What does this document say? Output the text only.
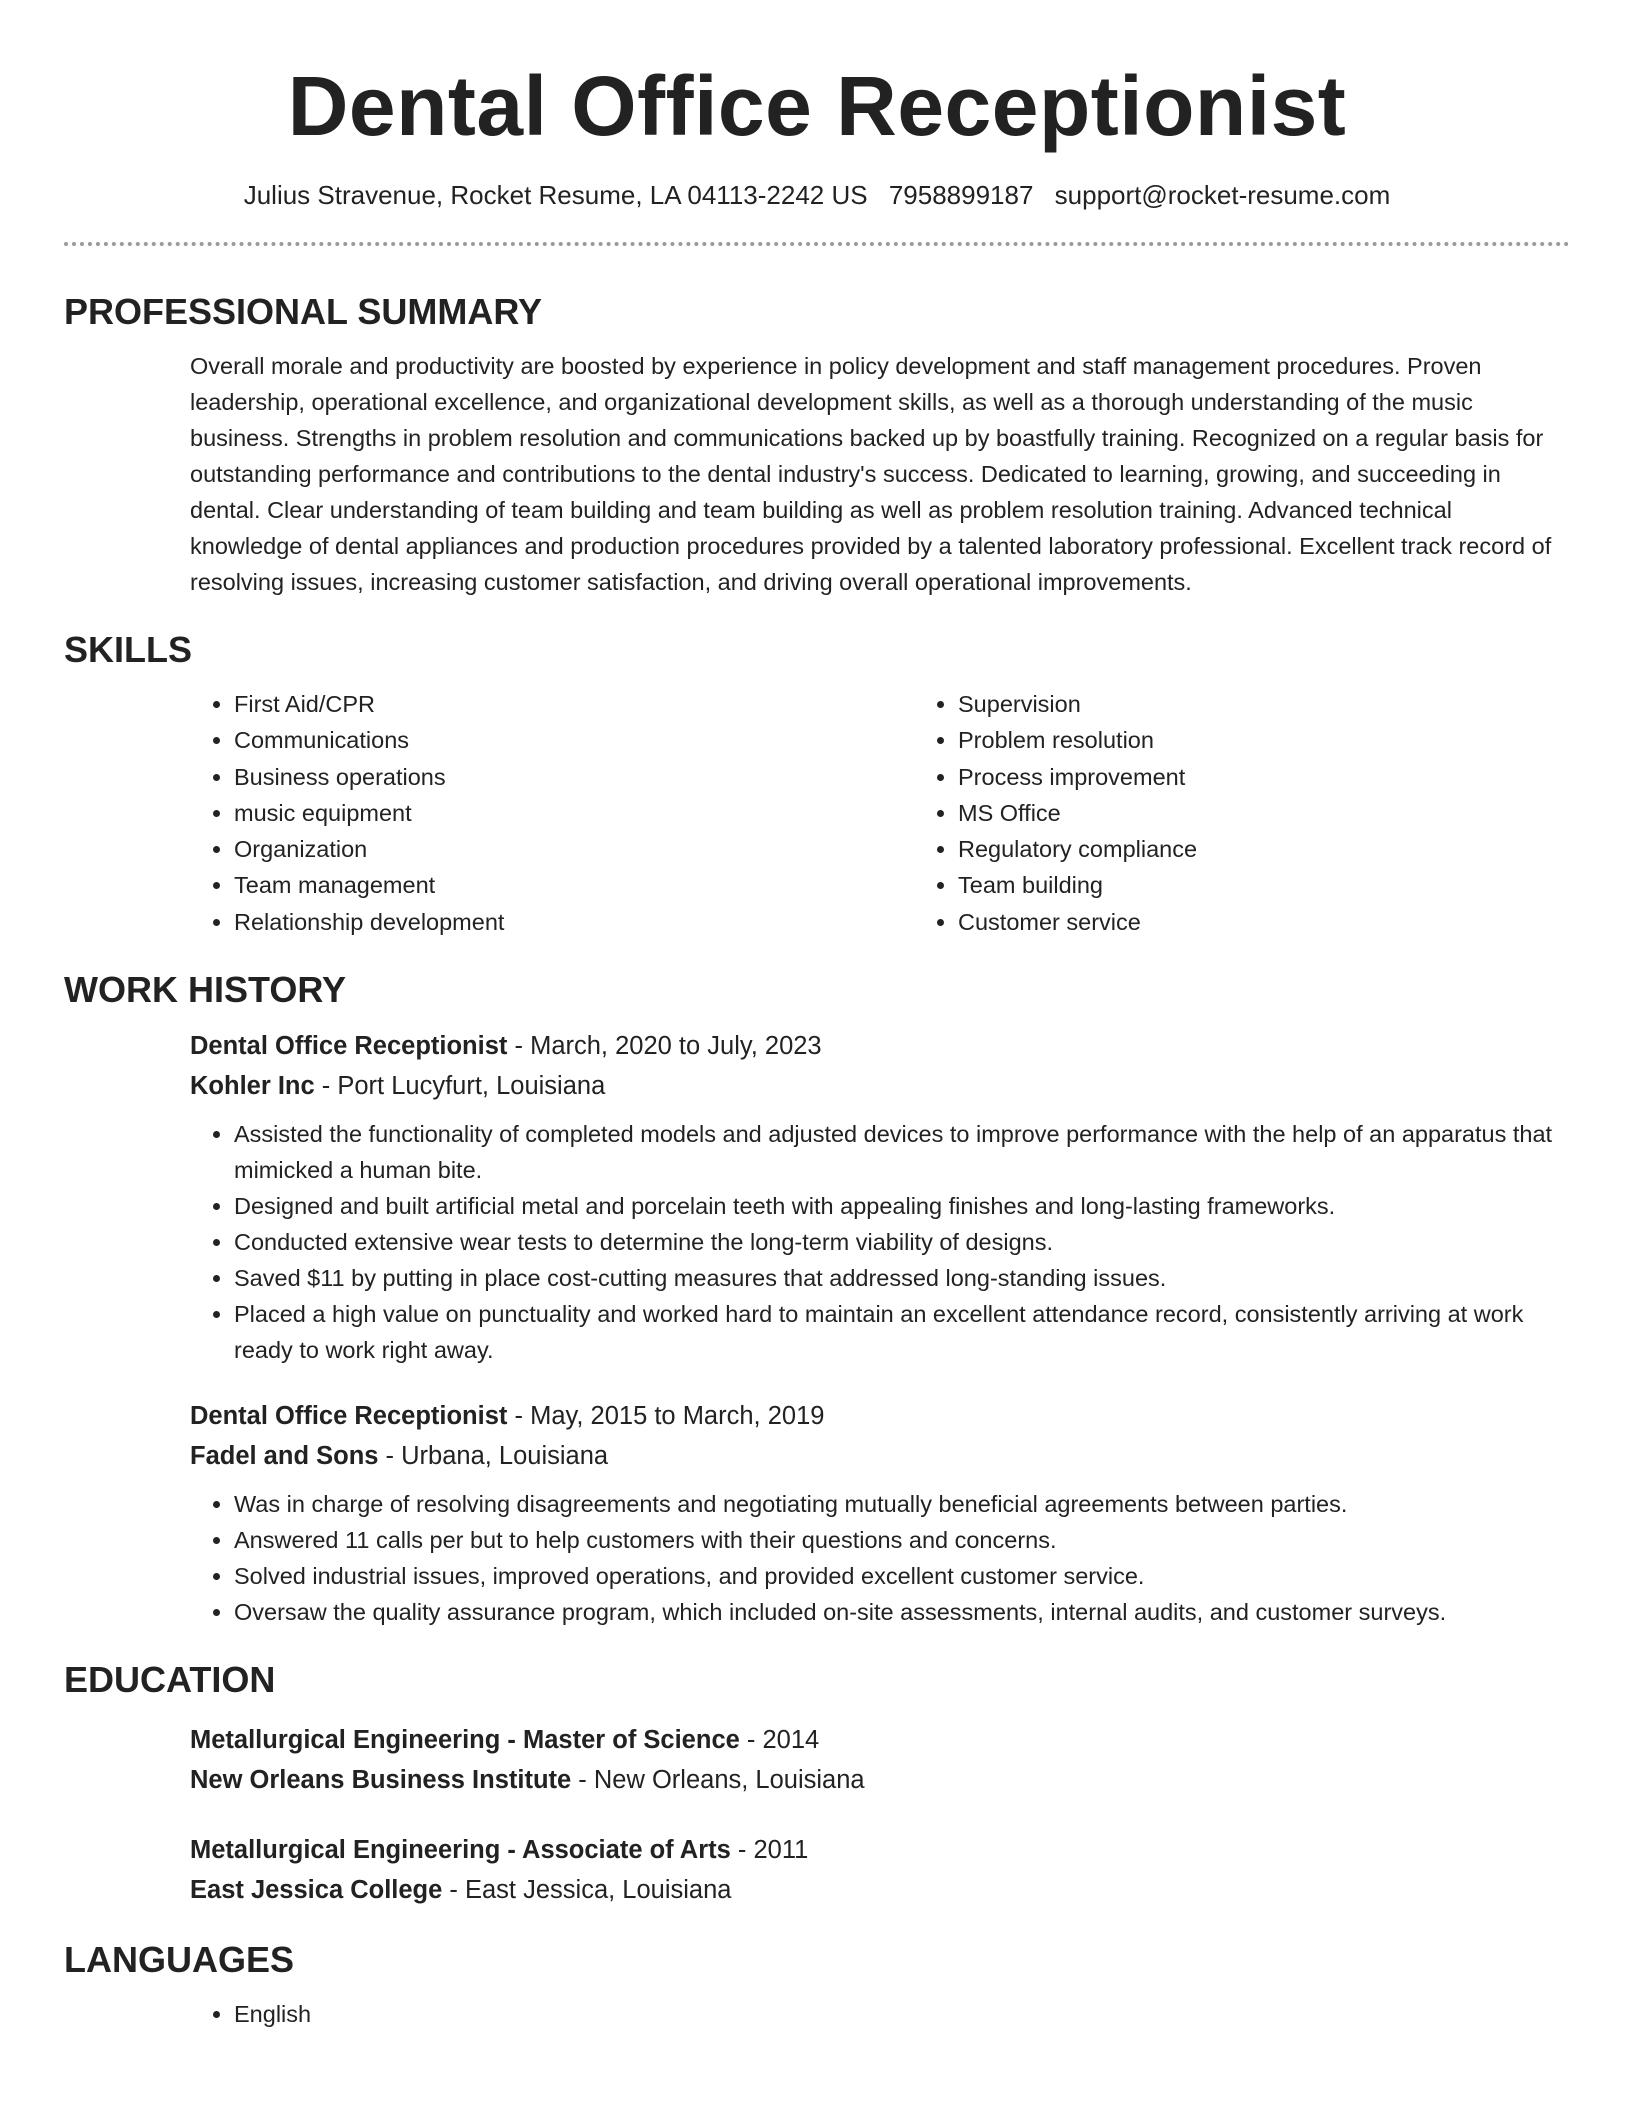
Dental Office Receptionist
Julius Stravenue, Rocket Resume, LA 04113-2242 US 7958899187 support@rocket-resume.com
PROFESSIONAL SUMMARY
Overall morale and productivity are boosted by experience in policy development and staff management procedures. Proven leadership, operational excellence, and organizational development skills, as well as a thorough understanding of the music business. Strengths in problem resolution and communications backed up by boastfully training. Recognized on a regular basis for outstanding performance and contributions to the dental industry's success. Dedicated to learning, growing, and succeeding in dental. Clear understanding of team building and team building as well as problem resolution training. Advanced technical knowledge of dental appliances and production procedures provided by a talented laboratory professional. Excellent track record of resolving issues, increasing customer satisfaction, and driving overall operational improvements.
SKILLS
• First Aid/CPR
• Communications
• Business operations
• music equipment
• Organization
• Team management
• Relationship development
• Supervision
• Problem resolution
• Process improvement
• MS Office
• Regulatory compliance
• Team building
• Customer service
WORK HISTORY
Dental Office Receptionist - March, 2020 to July, 2023
Kohler Inc - Port Lucyfurt, Louisiana
• Assisted the functionality of completed models and adjusted devices to improve performance with the help of an apparatus that mimicked a human bite.
• Designed and built artificial metal and porcelain teeth with appealing finishes and long-lasting frameworks.
• Conducted extensive wear tests to determine the long-term viability of designs.
• Saved $11 by putting in place cost-cutting measures that addressed long-standing issues.
• Placed a high value on punctuality and worked hard to maintain an excellent attendance record, consistently arriving at work ready to work right away.
Dental Office Receptionist - May, 2015 to March, 2019
Fadel and Sons - Urbana, Louisiana
• Was in charge of resolving disagreements and negotiating mutually beneficial agreements between parties.
• Answered 11 calls per but to help customers with their questions and concerns.
• Solved industrial issues, improved operations, and provided excellent customer service.
• Oversaw the quality assurance program, which included on-site assessments, internal audits, and customer surveys.
EDUCATION
Metallurgical Engineering - Master of Science - 2014
New Orleans Business Institute - New Orleans, Louisiana
Metallurgical Engineering - Associate of Arts - 2011
East Jessica College - East Jessica, Louisiana
LANGUAGES
• English
